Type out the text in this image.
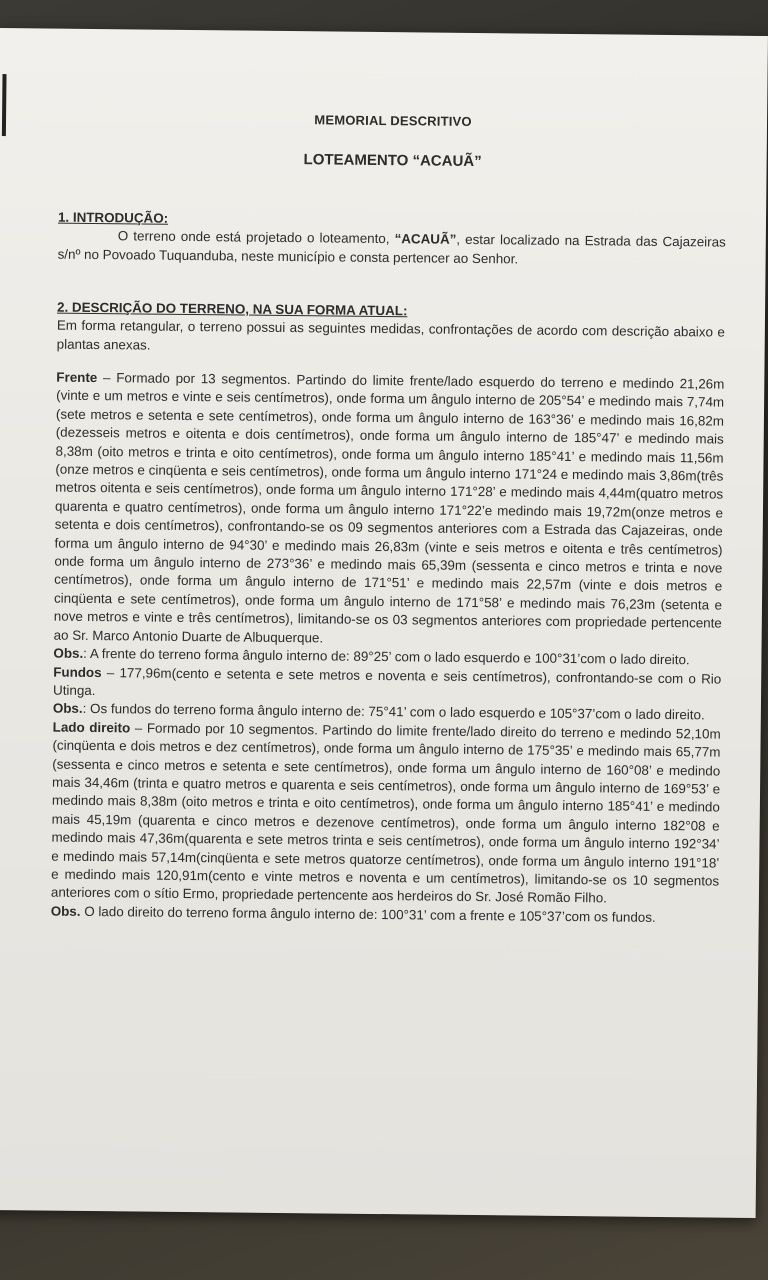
MEMORIAL DESCRITIVO
LOTEAMENTO “ACAUÃ”

1. INTRODUÇÃO:

O terreno onde está projetado o loteamento, “ACAUÃ”, estar localizado na Estrada das Cajazeiras s/nº no Povoado Tuquanduba, neste município e consta pertencer ao Senhor.

2. DESCRIÇÃO DO TERRENO, NA SUA FORMA ATUAL:

Em forma retangular, o terreno possui as seguintes medidas, confrontações de acordo com descrição abaixo e plantas anexas.

Frente – Formado por 13 segmentos. Partindo do limite frente/lado esquerdo do terreno e medindo 21,26m (vinte e um metros e vinte e seis centímetros), onde forma um ângulo interno de 205°54’ e medindo mais 7,74m (sete metros e setenta e sete centímetros), onde forma um ângulo interno de 163°36’ e medindo mais 16,82m (dezesseis metros e oitenta e dois centímetros), onde forma um ângulo interno de 185°47’ e medindo mais 8,38m (oito metros e trinta e oito centímetros), onde forma um ângulo interno 185°41’ e medindo mais 11,56m (onze metros e cinqüenta e seis centímetros), onde forma um ângulo interno 171°24 e medindo mais 3,86m(três metros oitenta e seis centímetros), onde forma um ângulo interno 171°28’ e medindo mais 4,44m(quatro metros quarenta e quatro centímetros), onde forma um ângulo interno 171°22’e medindo mais 19,72m(onze metros e setenta e dois centímetros), confrontando-se os 09 segmentos anteriores com a Estrada das Cajazeiras, onde forma um ângulo interno de 94°30’ e medindo mais 26,83m (vinte e seis metros e oitenta e três centímetros) onde forma um ângulo interno de 273°36’ e medindo mais 65,39m (sessenta e cinco metros e trinta e nove centímetros), onde forma um ângulo interno de 171°51’ e medindo mais 22,57m (vinte e dois metros e cinqüenta e sete centímetros), onde forma um ângulo interno de 171°58’ e medindo mais 76,23m (setenta e nove metros e vinte e três centímetros), limitando-se os 03 segmentos anteriores com propriedade pertencente ao Sr. Marco Antonio Duarte de Albuquerque.

Obs.: A frente do terreno forma ângulo interno de: 89°25’ com o lado esquerdo e 100°31’com o lado direito.

Fundos – 177,96m(cento e setenta e sete metros e noventa e seis centímetros), confrontando-se com o Rio Utinga.

Obs.: Os fundos do terreno forma ângulo interno de: 75°41’ com o lado esquerdo e 105°37’com o lado direito.

Lado direito – Formado por 10 segmentos. Partindo do limite frente/lado direito do terreno e medindo 52,10m (cinqüenta e dois metros e dez centímetros), onde forma um ângulo interno de 175°35’ e medindo mais 65,77m (sessenta e cinco metros e setenta e sete centímetros), onde forma um ângulo interno de 160°08’ e medindo mais 34,46m (trinta e quatro metros e quarenta e seis centímetros), onde forma um ângulo interno de 169°53’ e medindo mais 8,38m (oito metros e trinta e oito centímetros), onde forma um ângulo interno 185°41’ e medindo mais 45,19m (quarenta e cinco metros e dezenove centímetros), onde forma um ângulo interno 182°08 e medindo mais 47,36m(quarenta e sete metros trinta e seis centímetros), onde forma um ângulo interno 192°34’ e medindo mais 57,14m(cinqüenta e sete metros quatorze centímetros), onde forma um ângulo interno 191°18’ e medindo mais 120,91m(cento e vinte metros e noventa e um centímetros), limitando-se os 10 segmentos anteriores com o sítio Ermo, propriedade pertencente aos herdeiros do Sr. José Romão Filho.

Obs. O lado direito do terreno forma ângulo interno de: 100°31’ com a frente e 105°37’com os fundos.
